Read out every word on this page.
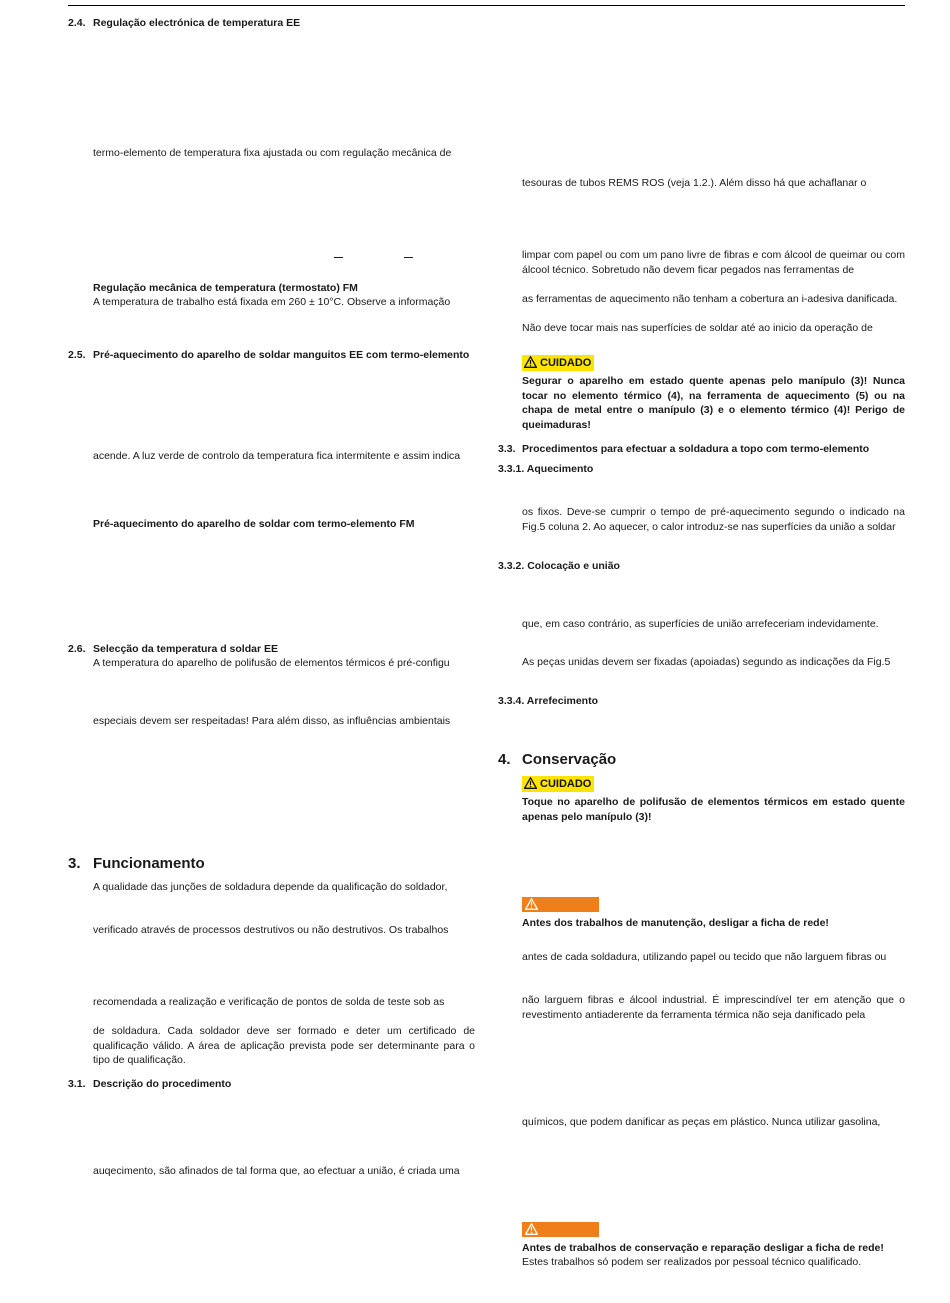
2.4. Regulação electrónica de temperatura EE
termo-elemento de temperatura fixa ajustada ou com regulação mecânica de
Regulação mecânica de temperatura (termostato) FM
A temperatura de trabalho está fixada em 260 ± 10°C. Observe a informação
2.5. Pré-aquecimento do aparelho de soldar manguitos EE com termo-elemento
acende. A luz verde de controlo da temperatura fica intermitente e assim indica
Pré-aquecimento do aparelho de soldar com termo-elemento FM
2.6. Selecção da temperatura d soldar EE
A temperatura do aparelho de polifusão de elementos térmicos é pré-configu
especiais devem ser respeitadas! Para além disso, as influências ambientais
3. Funcionamento
A qualidade das junções de soldadura depende da qualificação do soldador,
verificado através de processos destrutivos ou não destrutivos. Os trabalhos
recomendada a realização e verificação de pontos de solda de teste sob as
de soldadura. Cada soldador deve ser formado e deter um certificado de qualificação válido. A área de aplicação prevista pode ser determinante para o tipo de qualificação.
3.1. Descrição do procedimento
auqecimento, são afinados de tal forma que, ao efectuar a união, é criada uma
tesouras de tubos REMS ROS (veja 1.2.). Além disso há que achaflanar o
limpar com papel ou com um pano livre de fibras e com álcool de queimar ou com álcool técnico. Sobretudo não devem ficar pegados nas ferramentas de
as ferramentas de aquecimento não tenham a cobertura an i-adesiva danificada.
Não deve tocar mais nas superfícies de soldar até ao inicio da operação de
CUIDADO
Segurar o aparelho em estado quente apenas pelo manípulo (3)! Nunca tocar no elemento térmico (4), na ferramenta de aquecimento (5) ou na chapa de metal entre o manípulo (3) e o elemento térmico (4)! Perigo de queimaduras!
3.3. Procedimentos para efectuar a soldadura a topo com termo-elemento
3.3.1. Aquecimento
os fixos. Deve-se cumprir o tempo de pré-aquecimento segundo o indicado na Fig.5 coluna 2. Ao aquecer, o calor introduz-se nas superfícies da união a soldar
3.3.2. Colocação e união
que, em caso contrário, as superfícies de união arrefeceriam indevidamente.
As peças unidas devem ser fixadas (apoiadas) segundo as indicações da Fig.5
3.3.4. Arrefecimento
4. Conservação
CUIDADO
Toque no aparelho de polifusão de elementos térmicos em estado quente apenas pelo manípulo (3)!
Antes dos trabalhos de manutenção, desligar a ficha de rede!
antes de cada soldadura, utilizando papel ou tecido que não larguem fibras ou
não larguem fibras e álcool industrial. É imprescindível ter em atenção que o revestimento antiaderente da ferramenta térmica não seja danificado pela
químicos, que podem danificar as peças em plástico. Nunca utilizar gasolina,
Antes de trabalhos de conservação e reparação desligar a ficha de rede!
Estes trabalhos só podem ser realizados por pessoal técnico qualificado.
